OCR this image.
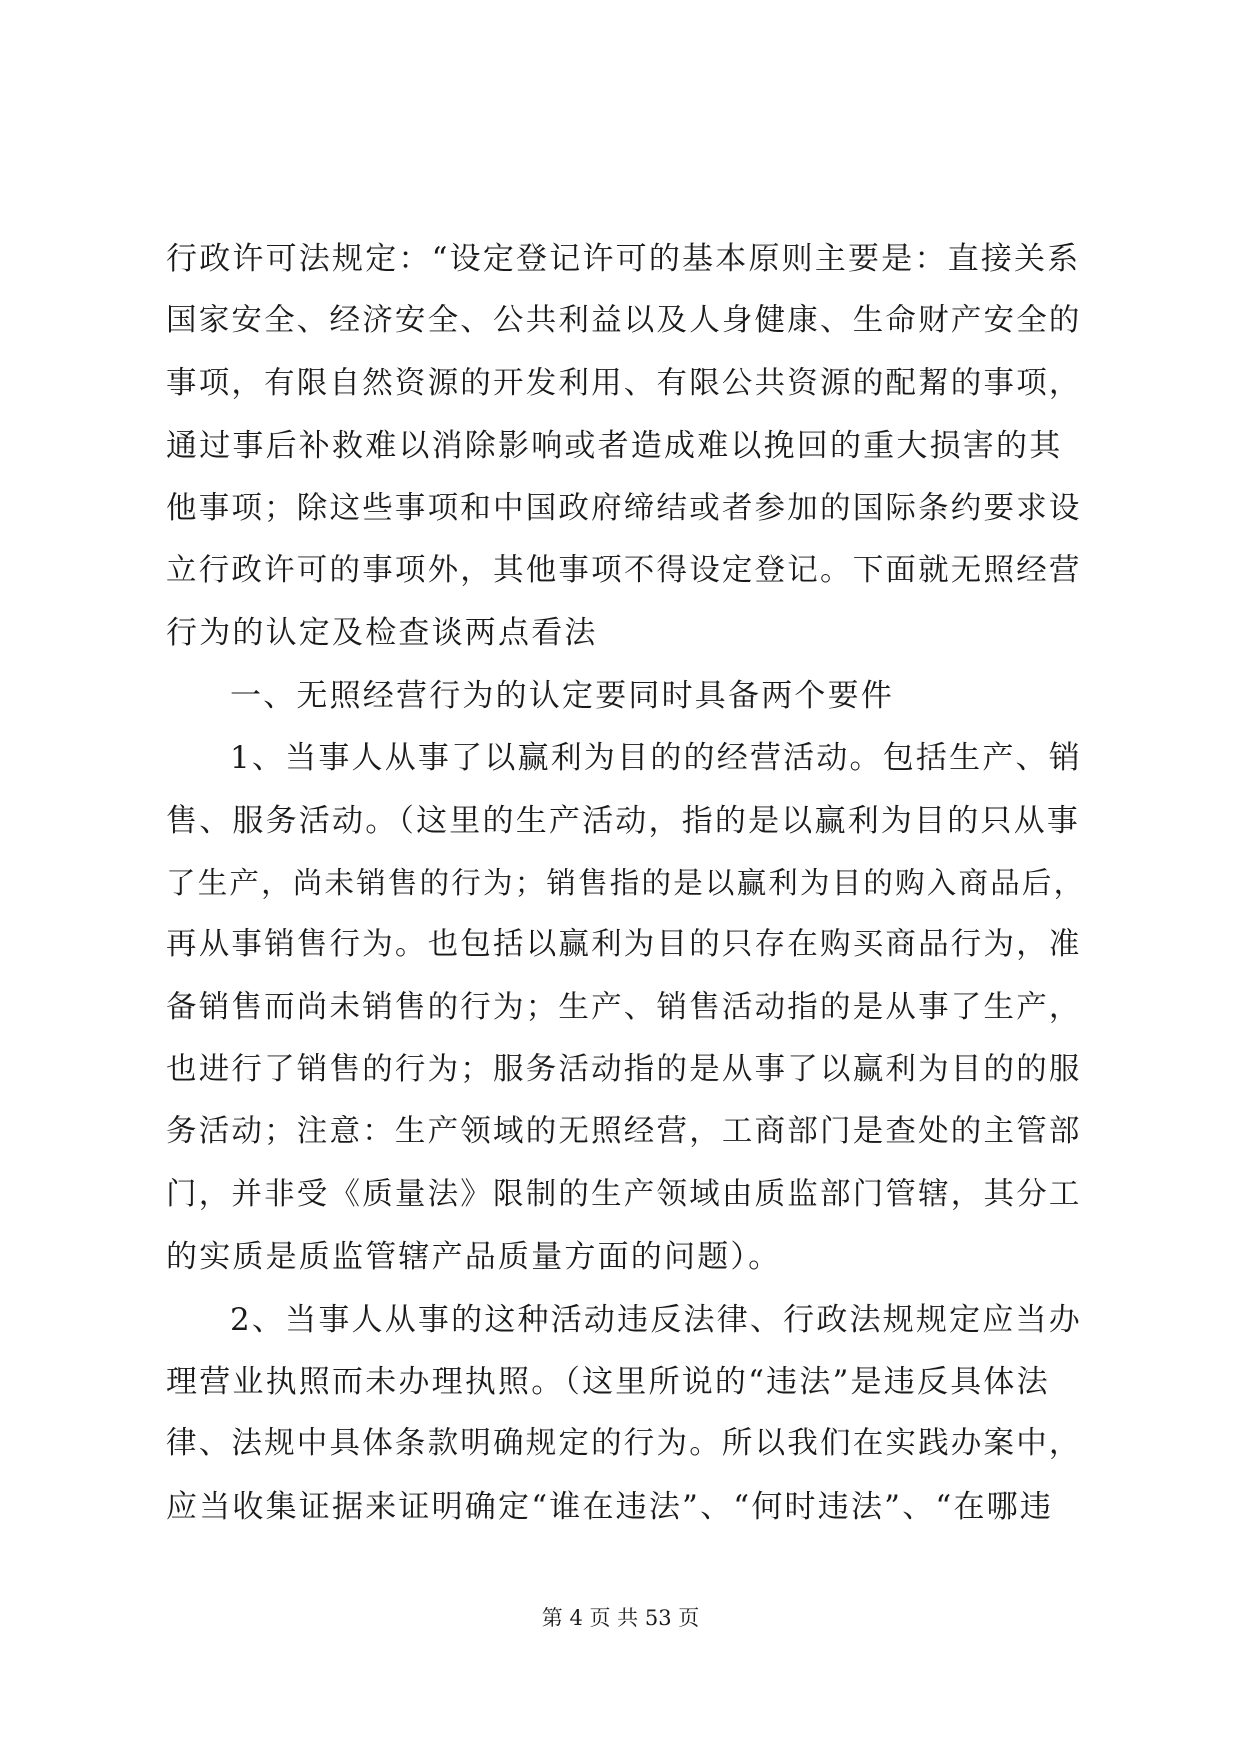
行政许可法规定：“设定登记许可的基本原则主要是：直接关系
国家安全、经济安全、公共利益以及人身健康、生命财产安全的
事项，有限自然资源的开发利用、有限公共资源的配觢的事项，
通过事后补救难以消除影响或者造成难以挽回的重大损害的其
他事项；除这些事项和中国政府缔结或者参加的国际条约要求设
立行政许可的事项外，其他事项不得设定登记。下面就无照经营
行为的认定及检查谈两点看法
一、无照经营行为的认定要同时具备两个要件
1、当事人从事了以赢利为目的的经营活动。包括生产、销
售、服务活动。（这里的生产活动，指的是以赢利为目的只从事
了生产，尚未销售的行为；销售指的是以赢利为目的购入商品后，
再从事销售行为。也包括以赢利为目的只存在购买商品行为，准
备销售而尚未销售的行为；生产、销售活动指的是从事了生产，
也进行了销售的行为；服务活动指的是从事了以赢利为目的的服
务活动；注意：生产领域的无照经营，工商部门是查处的主管部
门，并非受《质量法》限制的生产领域由质监部门管辖，其分工
的实质是质监管辖产品质量方面的问题）。
2、当事人从事的这种活动违反法律、行政法规规定应当办
理营业执照而未办理执照。（这里所说的“违法”是违反具体法
律、法规中具体条款明确规定的行为。所以我们在实践办案中，
应当收集证据来证明确定“谁在违法”、“何时违法”、“在哪违
第 4 页 共 53 页
